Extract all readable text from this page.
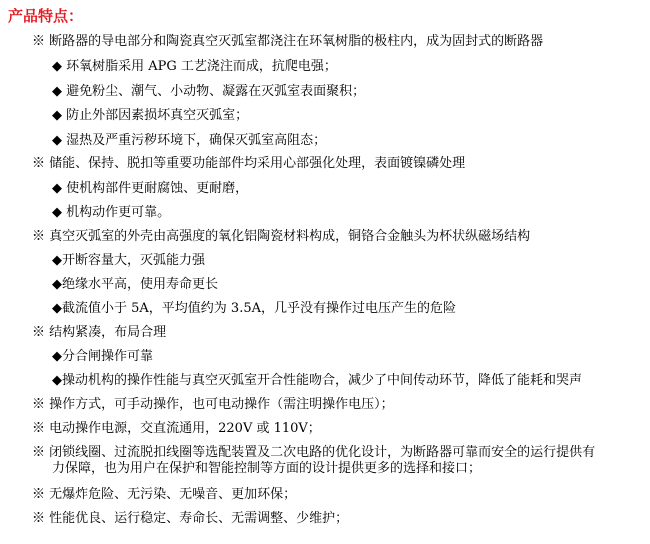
产品特点：
※ 断路器的导电部分和陶瓷真空灭弧室都浇注在环氧树脂的极柱内，成为固封式的断路器
◆ 环氧树脂采用 APG 工艺浇注而成，抗爬电强；
◆ 避免粉尘、潮气、小动物、凝露在灭弧室表面聚积；
◆ 防止外部因素损坏真空灭弧室；
◆ 湿热及严重污秽环境下，确保灭弧室高阻态；
※ 储能、保持、脱扣等重要功能部件均采用心部强化处理，表面镀镍磷处理
◆ 使机构部件更耐腐蚀、更耐磨，
◆ 机构动作更可靠。
※ 真空灭弧室的外壳由高强度的氧化铝陶瓷材料构成，铜铬合金触头为杯状纵磁场结构
◆开断容量大，灭弧能力强
◆绝缘水平高，使用寿命更长
◆截流值小于 5A，平均值约为 3.5A，几乎没有操作过电压产生的危险
※ 结构紧凑，布局合理
◆分合闸操作可靠
◆操动机构的操作性能与真空灭弧室开合性能吻合，减少了中间传动环节，降低了能耗和哭声
※ 操作方式，可手动操作，也可电动操作（需注明操作电压）；
※ 电动操作电源，交直流通用，220V 或 110V；
※ 闭锁线圈、过流脱扣线圈等选配装置及二次电路的优化设计，为断路器可靠而安全的运行提供有
力保障，也为用户在保护和智能控制等方面的设计提供更多的选择和接口；
※ 无爆炸危险、无污染、无噪音、更加环保；
※ 性能优良、运行稳定、寿命长、无需调整、少维护；
